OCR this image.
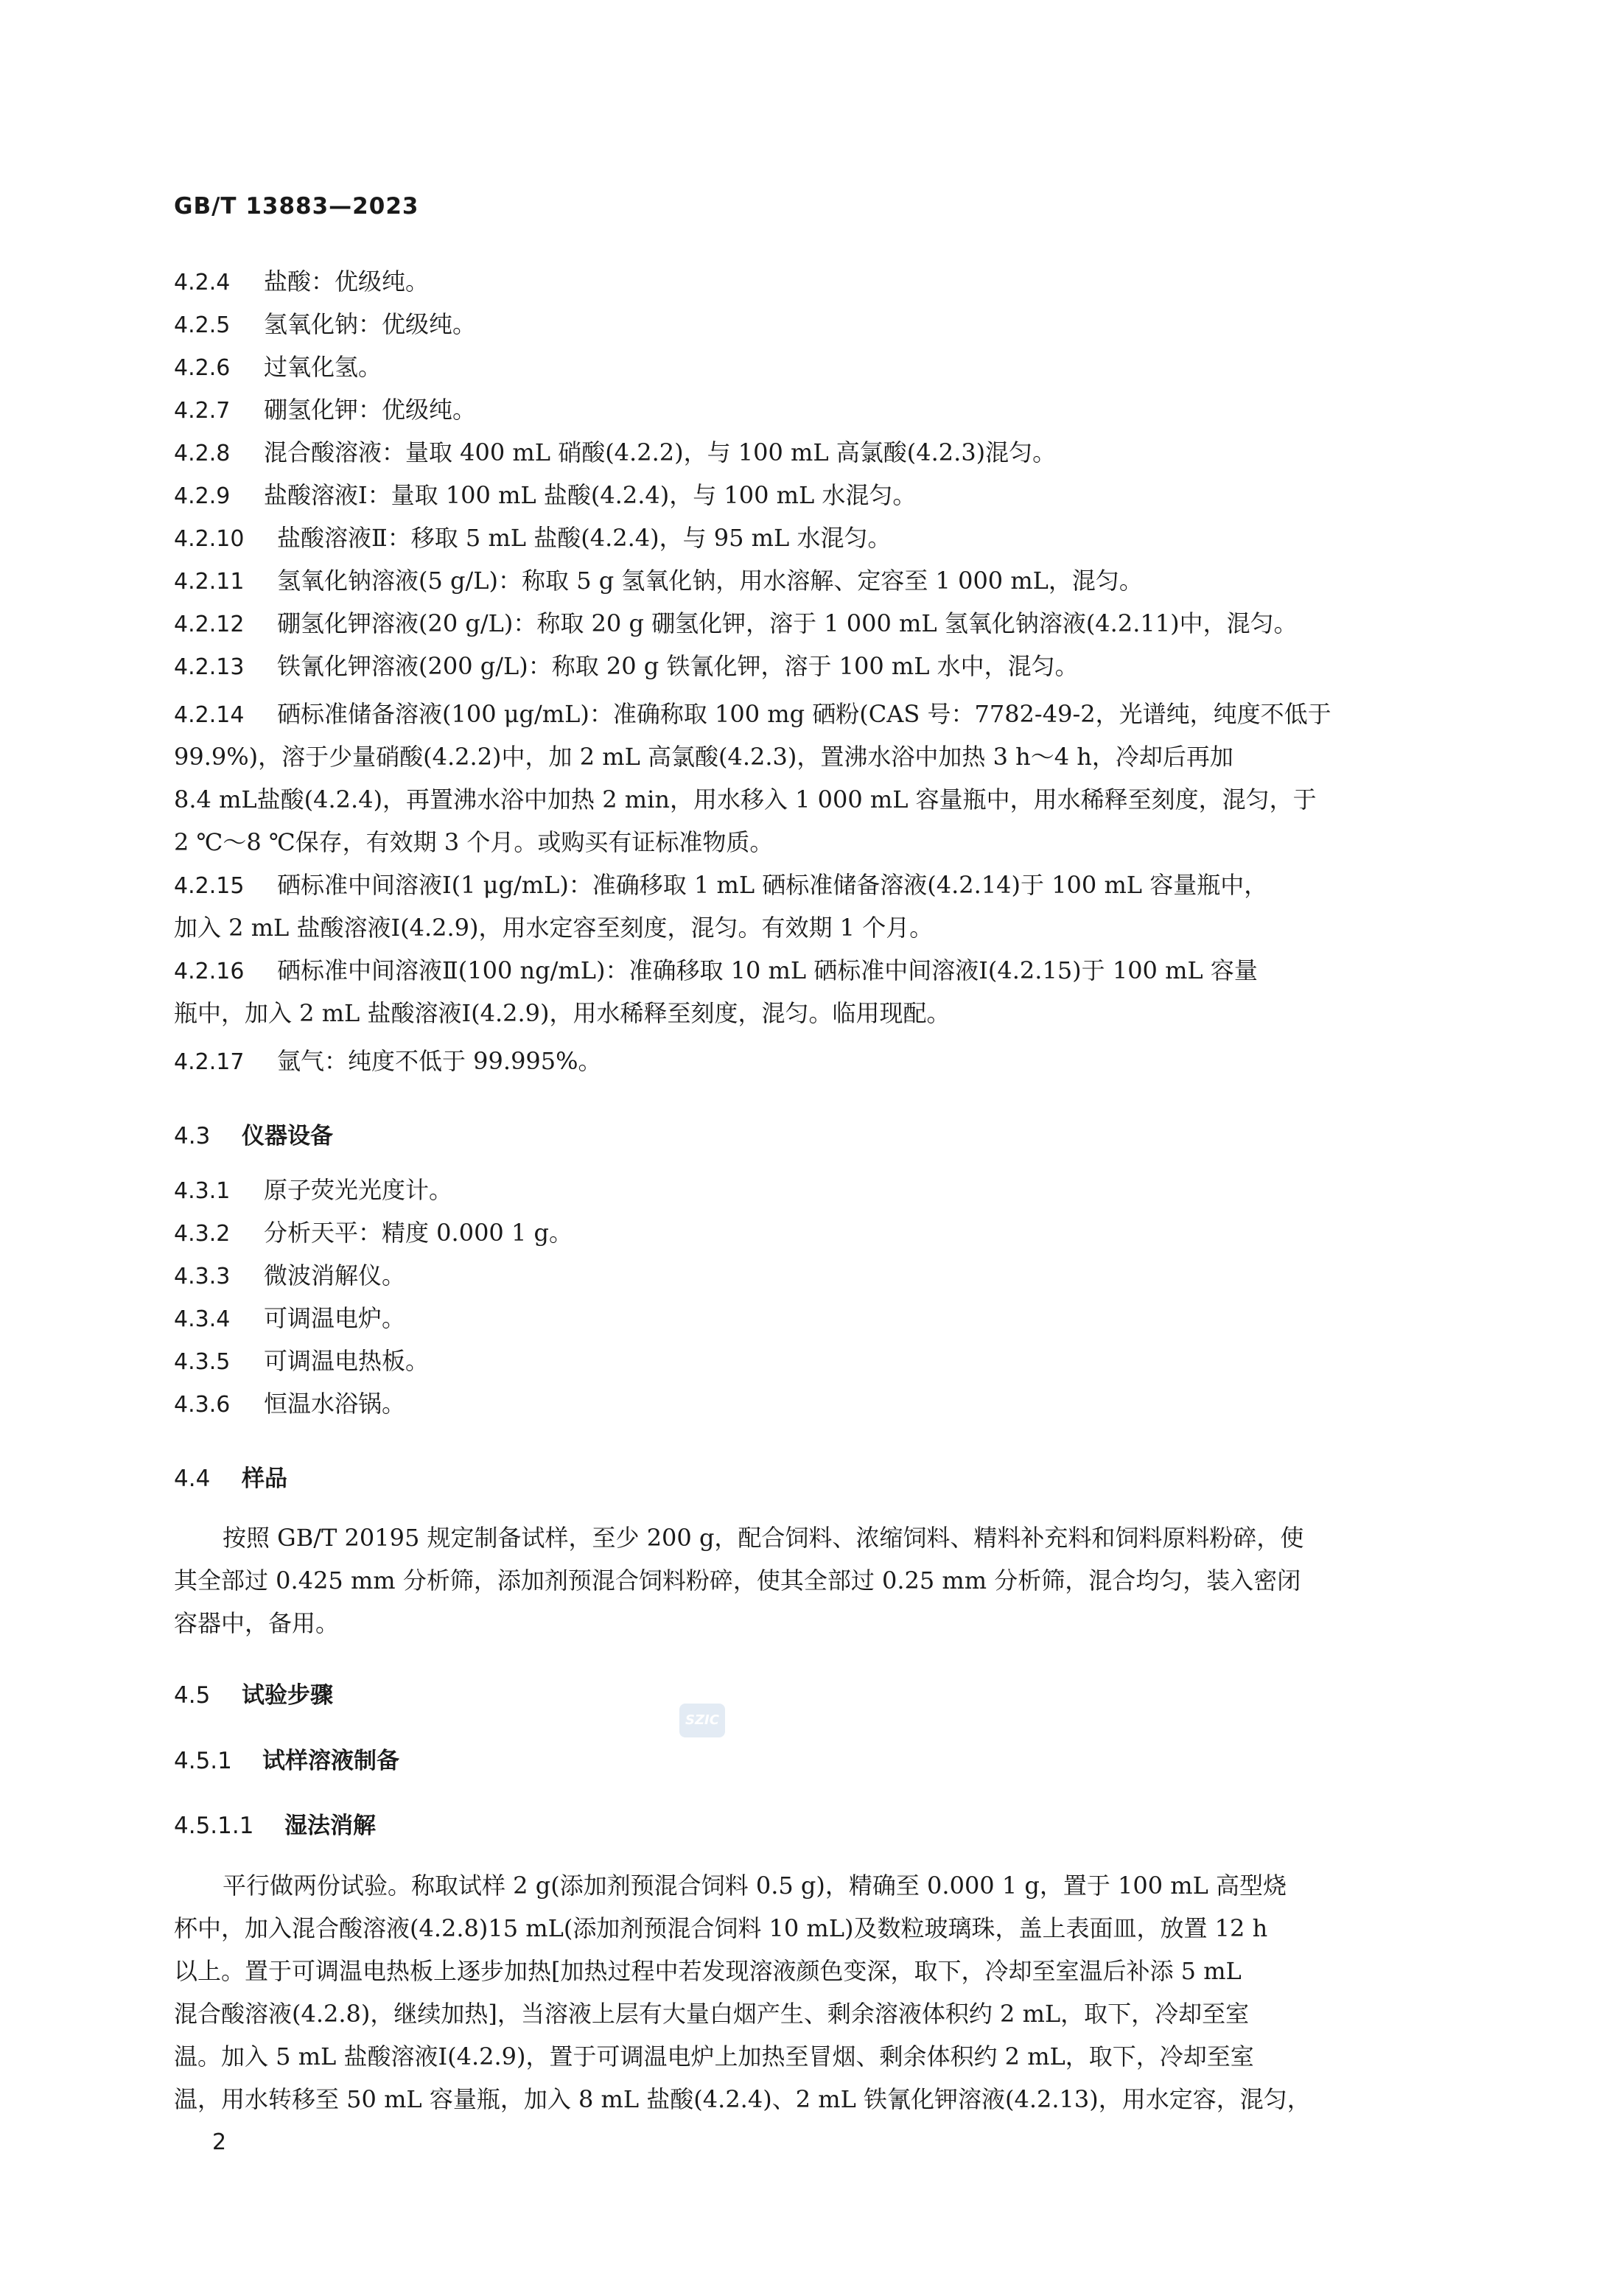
GB/T 13883—2023
4.2.4 盐酸：优级纯。
4.2.5 氢氧化钠：优级纯。
4.2.6 过氧化氢。
4.2.7 硼氢化钾：优级纯。
4.2.8 混合酸溶液：量取 400 mL 硝酸(4.2.2)，与 100 mL 高氯酸(4.2.3)混匀。
4.2.9 盐酸溶液Ⅰ：量取 100 mL 盐酸(4.2.4)，与 100 mL 水混匀。
4.2.10 盐酸溶液Ⅱ：移取 5 mL 盐酸(4.2.4)，与 95 mL 水混匀。
4.2.11 氢氧化钠溶液(5 g/L)：称取 5 g 氢氧化钠，用水溶解、定容至 1 000 mL，混匀。
4.2.12 硼氢化钾溶液(20 g/L)：称取 20 g 硼氢化钾，溶于 1 000 mL 氢氧化钠溶液(4.2.11)中，混匀。
4.2.13 铁氰化钾溶液(200 g/L)：称取 20 g 铁氰化钾，溶于 100 mL 水中，混匀。
4.2.14 硒标准储备溶液(100 μg/mL)：准确称取 100 mg 硒粉(CAS 号：7782-49-2，光谱纯，纯度不低于
99.9%)，溶于少量硝酸(4.2.2)中，加 2 mL 高氯酸(4.2.3)，置沸水浴中加热 3 h～4 h，冷却后再加
8.4 mL盐酸(4.2.4)，再置沸水浴中加热 2 min，用水移入 1 000 mL 容量瓶中，用水稀释至刻度，混匀，于
2 ℃～8 ℃保存，有效期 3 个月。或购买有证标准物质。
4.2.15 硒标准中间溶液Ⅰ(1 μg/mL)：准确移取 1 mL 硒标准储备溶液(4.2.14)于 100 mL 容量瓶中，
加入 2 mL 盐酸溶液Ⅰ(4.2.9)，用水定容至刻度，混匀。有效期 1 个月。
4.2.16 硒标准中间溶液Ⅱ(100 ng/mL)：准确移取 10 mL 硒标准中间溶液Ⅰ(4.2.15)于 100 mL 容量
瓶中，加入 2 mL 盐酸溶液Ⅰ(4.2.9)，用水稀释至刻度，混匀。临用现配。
4.2.17 氩气：纯度不低于 99.995%。
4.3 仪器设备
4.3.1 原子荧光光度计。
4.3.2 分析天平：精度 0.000 1 g。
4.3.3 微波消解仪。
4.3.4 可调温电炉。
4.3.5 可调温电热板。
4.3.6 恒温水浴锅。
4.4 样品
按照 GB/T 20195 规定制备试样，至少 200 g，配合饲料、浓缩饲料、精料补充料和饲料原料粉碎，使
其全部过 0.425 mm 分析筛，添加剂预混合饲料粉碎，使其全部过 0.25 mm 分析筛，混合均匀，装入密闭
容器中，备用。
4.5 试验步骤
SZIC
4.5.1 试样溶液制备
4.5.1.1 湿法消解
平行做两份试验。称取试样 2 g(添加剂预混合饲料 0.5 g)，精确至 0.000 1 g，置于 100 mL 高型烧
杯中，加入混合酸溶液(4.2.8)15 mL(添加剂预混合饲料 10 mL)及数粒玻璃珠，盖上表面皿，放置 12 h
以上。置于可调温电热板上逐步加热[加热过程中若发现溶液颜色变深，取下，冷却至室温后补添 5 mL
混合酸溶液(4.2.8)，继续加热]，当溶液上层有大量白烟产生、剩余溶液体积约 2 mL，取下，冷却至室
温。加入 5 mL 盐酸溶液Ⅰ(4.2.9)，置于可调温电炉上加热至冒烟、剩余体积约 2 mL，取下，冷却至室
温，用水转移至 50 mL 容量瓶，加入 8 mL 盐酸(4.2.4)、2 mL 铁氰化钾溶液(4.2.13)，用水定容，混匀，
2
